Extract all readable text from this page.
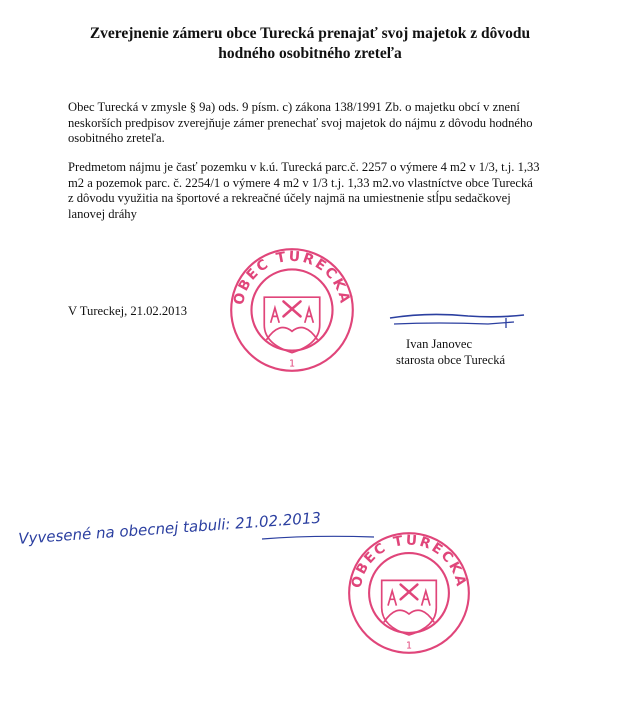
Zverejnenie zámeru obce Turecká prenajať svoj majetok z dôvodu
hodného osobitného zreteľa
Obec Turecká v zmysle § 9a) ods. 9 písm. c) zákona 138/1991 Zb. o majetku obcí v znení
neskorších predpisov zverejňuje zámer prenechať svoj majetok do nájmu z dôvodu hodného
osobitného zreteľa.
Predmetom nájmu je časť pozemku v k.ú. Turecká parc.č. 2257 o výmere 4 m2 v 1/3, t.j. 1,33
m2 a pozemok parc. č. 2254/1 o výmere 4 m2 v 1/3 t.j. 1,33 m2.vo vlastníctve obce Turecká
z dôvodu využitia na športové a rekreačné účely najmä na umiestnenie stĺpu sedačkovej
lanovej dráhy
V Tureckej, 21.02.2013
OBEC TURECKÁ
1
Ivan Janovec
starosta obce Turecká
Vyvesené na obecnej tabuli: 21.02.2013
OBEC TURECKÁ
1
